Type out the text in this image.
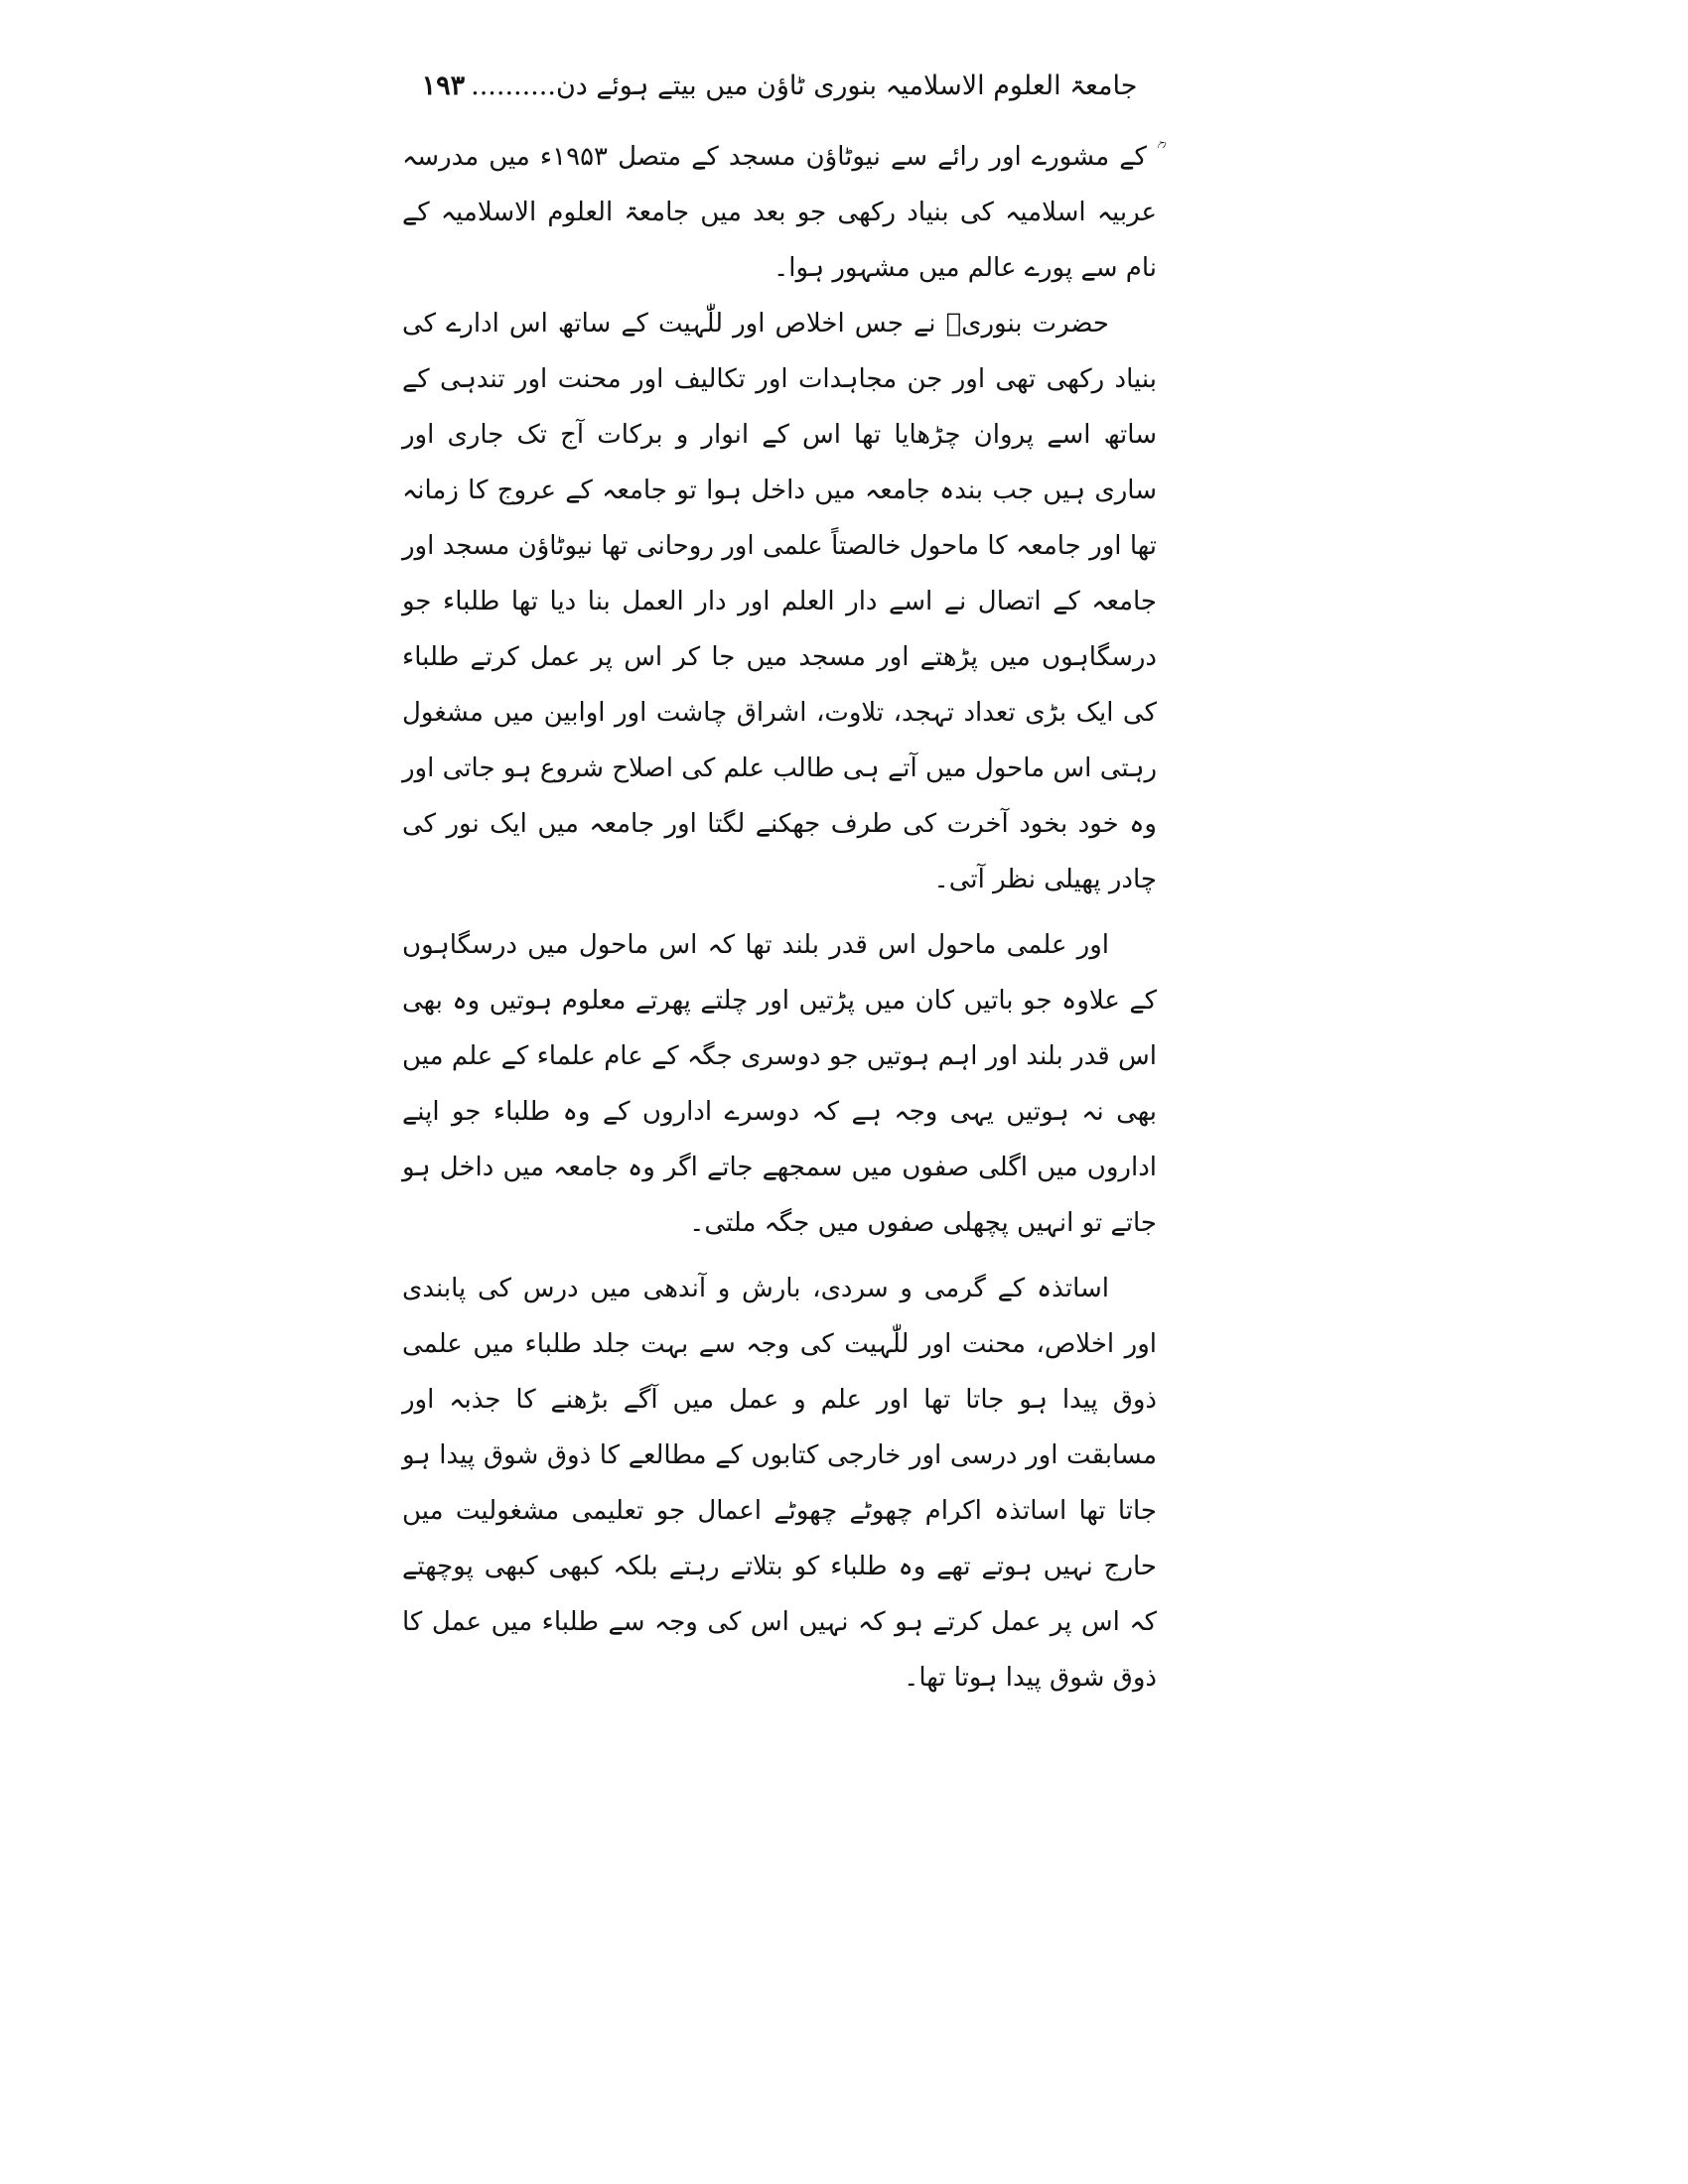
جامعۃ العلوم الاسلامیہ بنوری ٹاؤن میں بیتے ہوئے دن..........۱۹۳

ؒ کے مشورے اور رائے سے نیوٹاؤن مسجد کے متصل ۱۹۵۳ء میں مدرسہ عربیہ اسلامیہ کی بنیاد رکھی جو بعد میں جامعۃ العلوم الاسلامیہ کے نام سے پورے عالم میں مشہور ہوا۔

حضرت بنوریؒ نے جس اخلاص اور للّٰہیت کے ساتھ اس ادارے کی بنیاد رکھی تھی اور جن مجاہدات اور تکالیف اور محنت اور تندہی کے ساتھ اسے پروان چڑھایا تھا اس کے انوار و برکات آج تک جاری اور ساری ہیں جب بندہ جامعہ میں داخل ہوا تو جامعہ کے عروج کا زمانہ تھا اور جامعہ کا ماحول خالصتاً علمی اور روحانی تھا نیوٹاؤن مسجد اور جامعہ کے اتصال نے اسے دار العلم اور دار العمل بنا دیا تھا طلباء جو درسگاہوں میں پڑھتے اور مسجد میں جا کر اس پر عمل کرتے طلباء کی ایک بڑی تعداد تہجد، تلاوت، اشراق چاشت اور اوابین میں مشغول رہتی اس ماحول میں آتے ہی طالب علم کی اصلاح شروع ہو جاتی اور وہ خود بخود آخرت کی طرف جھکنے لگتا اور جامعہ میں ایک نور کی چادر پھیلی نظر آتی۔

اور علمی ماحول اس قدر بلند تھا کہ اس ماحول میں درسگاہوں کے علاوہ جو باتیں کان میں پڑتیں اور چلتے پھرتے معلوم ہوتیں وہ بھی اس قدر بلند اور اہم ہوتیں جو دوسری جگہ کے عام علماء کے علم میں بھی نہ ہوتیں یہی وجہ ہے کہ دوسرے اداروں کے وہ طلباء جو اپنے اداروں میں اگلی صفوں میں سمجھے جاتے اگر وہ جامعہ میں داخل ہو جاتے تو انہیں پچھلی صفوں میں جگہ ملتی۔

اساتذہ کے گرمی و سردی، بارش و آندھی میں درس کی پابندی اور اخلاص، محنت اور للّٰہیت کی وجہ سے بہت جلد طلباء میں علمی ذوق پیدا ہو جاتا تھا اور علم و عمل میں آگے بڑھنے کا جذبہ اور مسابقت اور درسی اور خارجی کتابوں کے مطالعے کا ذوق شوق پیدا ہو جاتا تھا اساتذہ اکرام چھوٹے چھوٹے اعمال جو تعلیمی مشغولیت میں حارج نہیں ہوتے تھے وہ طلباء کو بتلاتے رہتے بلکہ کبھی کبھی پوچھتے کہ اس پر عمل کرتے ہو کہ نہیں اس کی وجہ سے طلباء میں عمل کا ذوق شوق پیدا ہوتا تھا۔
